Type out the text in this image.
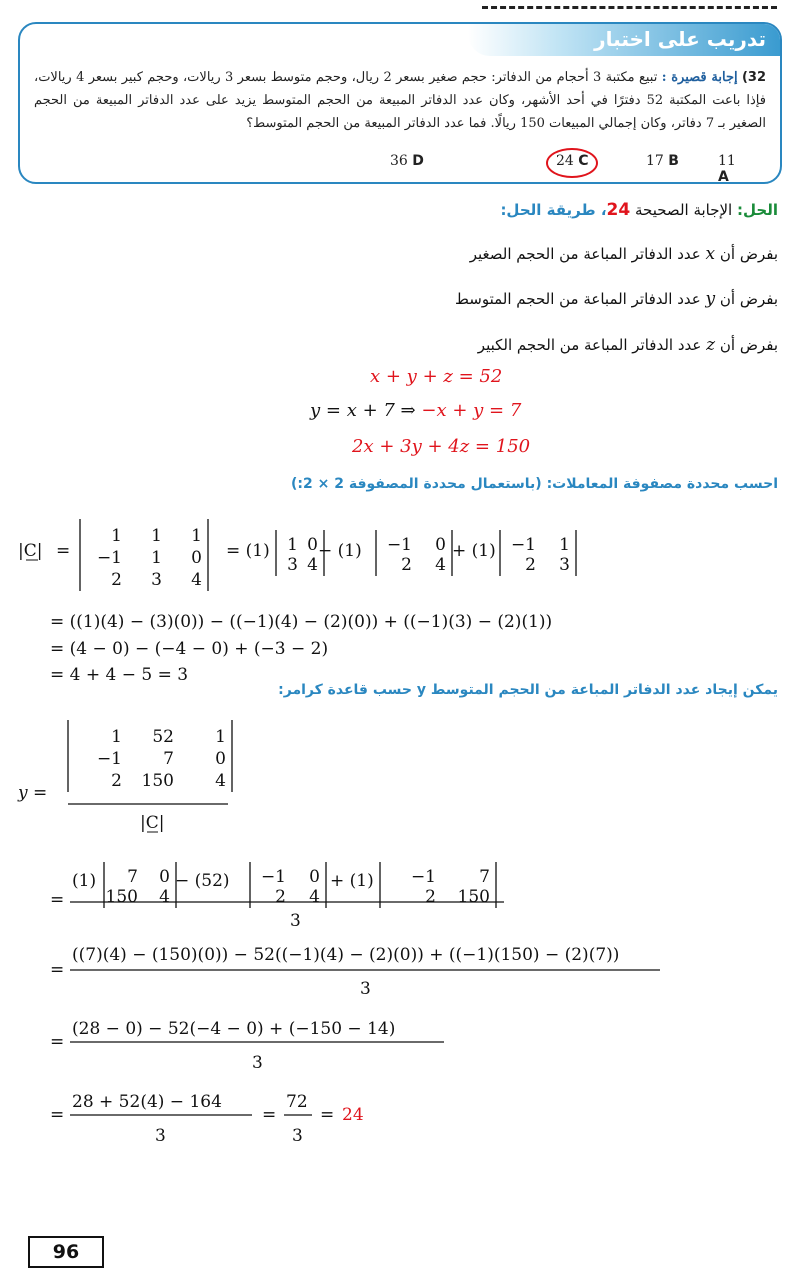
تدريب على اختبار
32) إجابة قصيرة : تبيع مكتبة 3 أحجام من الدفاتر: حجم صغير بسعر 2 ريال، وحجم متوسط بسعر 3 ريالات، وحجم كبير بسعر 4 ريالات، فإذا باعت المكتبة 52 دفترًا في أحد الأشهر، وكان عدد الدفاتر المبيعة من الحجم المتوسط يزيد على عدد الدفاتر المبيعة من الحجم الصغير بـ 7 دفاتر، وكان إجمالي المبيعات 150 ريالًا. فما عدد الدفاتر المبيعة من الحجم المتوسط؟
36 D	24 C	17 B	11 A
الحل: الإجابة الصحيحة 24، طريقة الحل:
بفرض أن x عدد الدفاتر المباعة من الحجم الصغير
بفرض أن y عدد الدفاتر المباعة من الحجم المتوسط
بفرض أن z عدد الدفاتر المباعة من الحجم الكبير
x + y + z = 52
y = x + 7 ⇒ −x + y = 7
2x + 3y + 4z = 150
احسب محددة مصفوفة المعاملات: (باستعمال محددة المصفوفة 2 × 2:)
يمكن إيجاد عدد الدفاتر المباعة من الحجم المتوسط y حسب قاعدة كرامر:
|C| =
1 1 1
−1 1 0
2 3 4
= (1) 1 0
3 4
− (1) −1 0
2 4
+ (1) −1 1
2 3
= ((1)(4) − (3)(0)) − ((−1)(4) − (2)(0)) + ((−1)(3) − (2)(1))
= (4 − 0) − (−4 − 0) + (−3 − 2)
= 4 + 4 − 5 = 3
y =
1 52 1
−1 7 0
2 150 4
|C|
=
(1) 7 0
150 4
− (52) −1 0
2 4
+ (1) −1	7
2 150
3
=
((7)(4) − (150)(0)) − 52((−1)(4) − (2)(0)) + ((−1)(150) − (2)(7))
3
=
(28 − 0) − 52(−4 − 0) + (−150 − 14)
3
=
28 + 52(4) − 164
3
=
72
3
= 24
96
